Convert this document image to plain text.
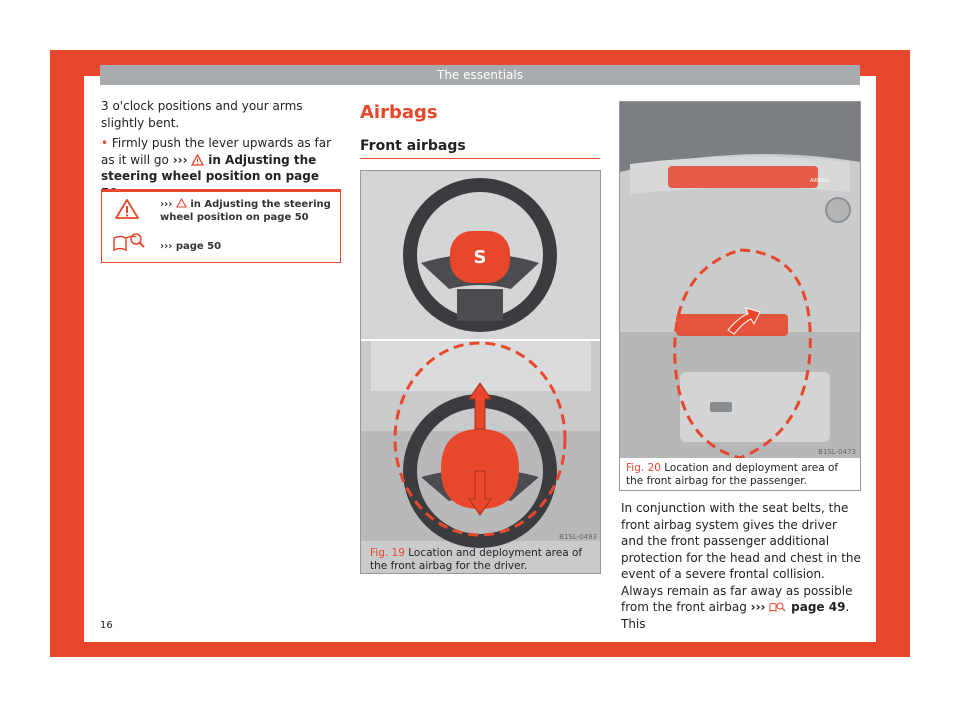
The essentials

3 o'clock positions and your arms slightly bent.

• Firmly push the lever upwards as far as it will go ››› in Adjusting the steering wheel position on page

››› in Adjusting the steering wheel position on page 50
››› page 50
Airbags
Front airbags
S
B1SL-0493
Fig. 19 Location and deployment area of the front airbag for the driver.
AIRBAG
B1SL-0473
Fig. 20 Location and deployment area of the front airbag for the passenger.
In conjunction with the seat belts, the front airbag system gives the driver and the front passenger additional protection for the head and chest in the event of a severe frontal collision. Always remain as far away as possible from the front airbag ››› page 49. This
16
